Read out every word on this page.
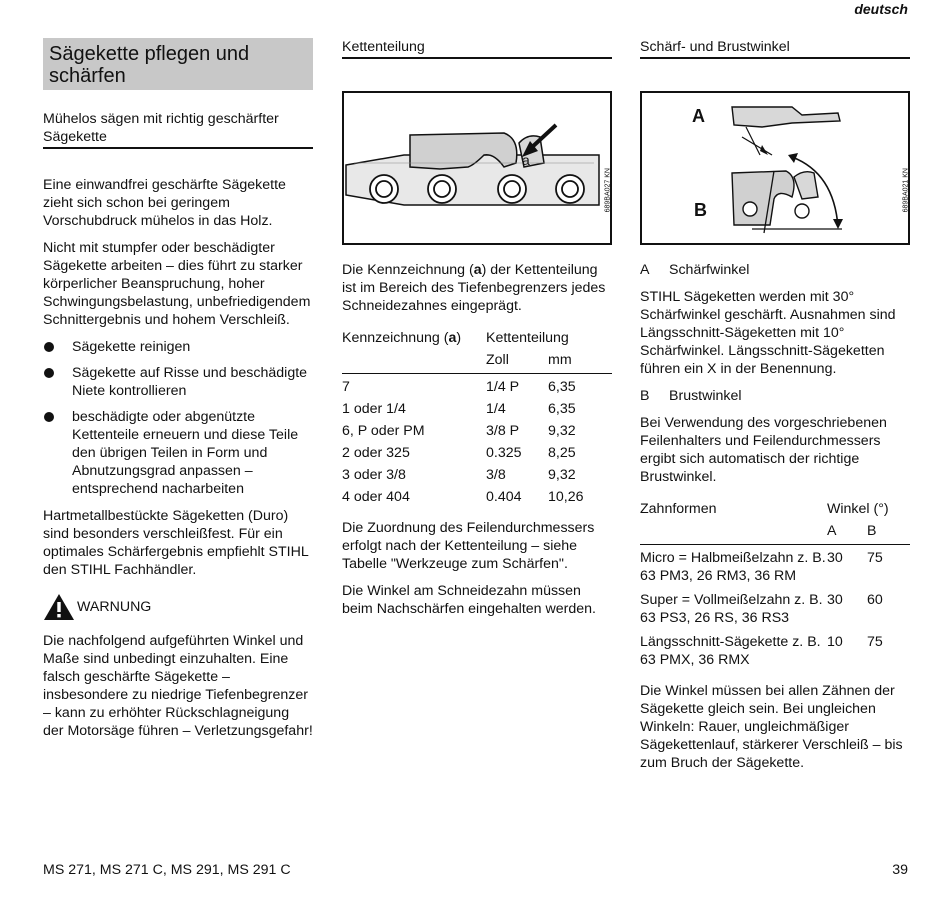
deutsch
Sägekette pflegen und schärfen
Mühelos sägen mit richtig geschärfter Sägekette

Eine einwandfrei geschärfte Sägekette zieht sich schon bei geringem Vorschubdruck mühelos in das Holz.

Nicht mit stumpfer oder beschädigter Sägekette arbeiten – dies führt zu starker körperlicher Beanspruchung, hoher Schwingungsbelastung, unbefriedigendem Schnittergebnis und hohem Verschleiß.

Sägekette reinigen
Sägekette auf Risse und beschädigte Niete kontrollieren
beschädigte oder abgenützte Kettenteile erneuern und diese Teile den übrigen Teilen in Form und Abnutzungsgrad anpassen – entsprechend nacharbeiten

Hartmetallbestückte Sägeketten (Duro) sind besonders verschleißfest. Für ein optimales Schärfergebnis empfiehlt STIHL den STIHL Fachhändler.

WARNUNG

Die nachfolgend aufgeführten Winkel und Maße sind unbedingt einzuhalten. Eine falsch geschärfte Sägekette – insbesondere zu niedrige Tiefenbegrenzer – kann zu erhöhter Rückschlagneigung der Motorsäge führen – Verletzungsgefahr!

Kettenteilung
a
689BA027 KN

Die Kennzeichnung (a) der Kettenteilung ist im Bereich des Tiefenbegrenzers jedes Schneidezahnes eingeprägt.

Kennzeichnung (a)	Kettenteilung	
	Zoll	mm
7	1/4 P	6,35
1 oder 1/4	1/4	6,35
6, P oder PM	3/8 P	9,32
2 oder 325	0.325	8,25
3 oder 3/8	3/8	9,32
4 oder 404	0.404	10,26

Die Zuordnung des Feilendurchmessers erfolgt nach der Kettenteilung – siehe Tabelle "Werkzeuge zum Schärfen".

Die Winkel am Schneidezahn müssen beim Nachschärfen eingehalten werden.

Schärf- und Brustwinkel
A
B	689BA021 KN
A	Schärfwinkel

STIHL Sägeketten werden mit 30° Schärfwinkel geschärft. Ausnahmen sind Längsschnitt-Sägeketten mit 10° Schärfwinkel. Längsschnitt-Sägeketten führen ein X in der Benennung.

B	Brustwinkel

Bei Verwendung des vorgeschriebenen Feilenhalters und Feilendurchmessers ergibt sich automatisch der richtige Brustwinkel.

Zahnformen	Winkel (°)	
	A	B
Micro = Halbmeißelzahn z. B. 63 PM3, 26 RM3, 36 RM	30	75
Super = Vollmeißelzahn z. B. 63 PS3, 26 RS, 36 RS3	30	60
Längsschnitt-Sägekette z. B. 63 PMX, 36 RMX	10	75

Die Winkel müssen bei allen Zähnen der Sägekette gleich sein. Bei ungleichen Winkeln: Rauer, ungleichmäßiger Sägekettenlauf, stärkerer Verschleiß – bis zum Bruch der Sägekette.

MS 271, MS 271 C, MS 291, MS 291 C	39
